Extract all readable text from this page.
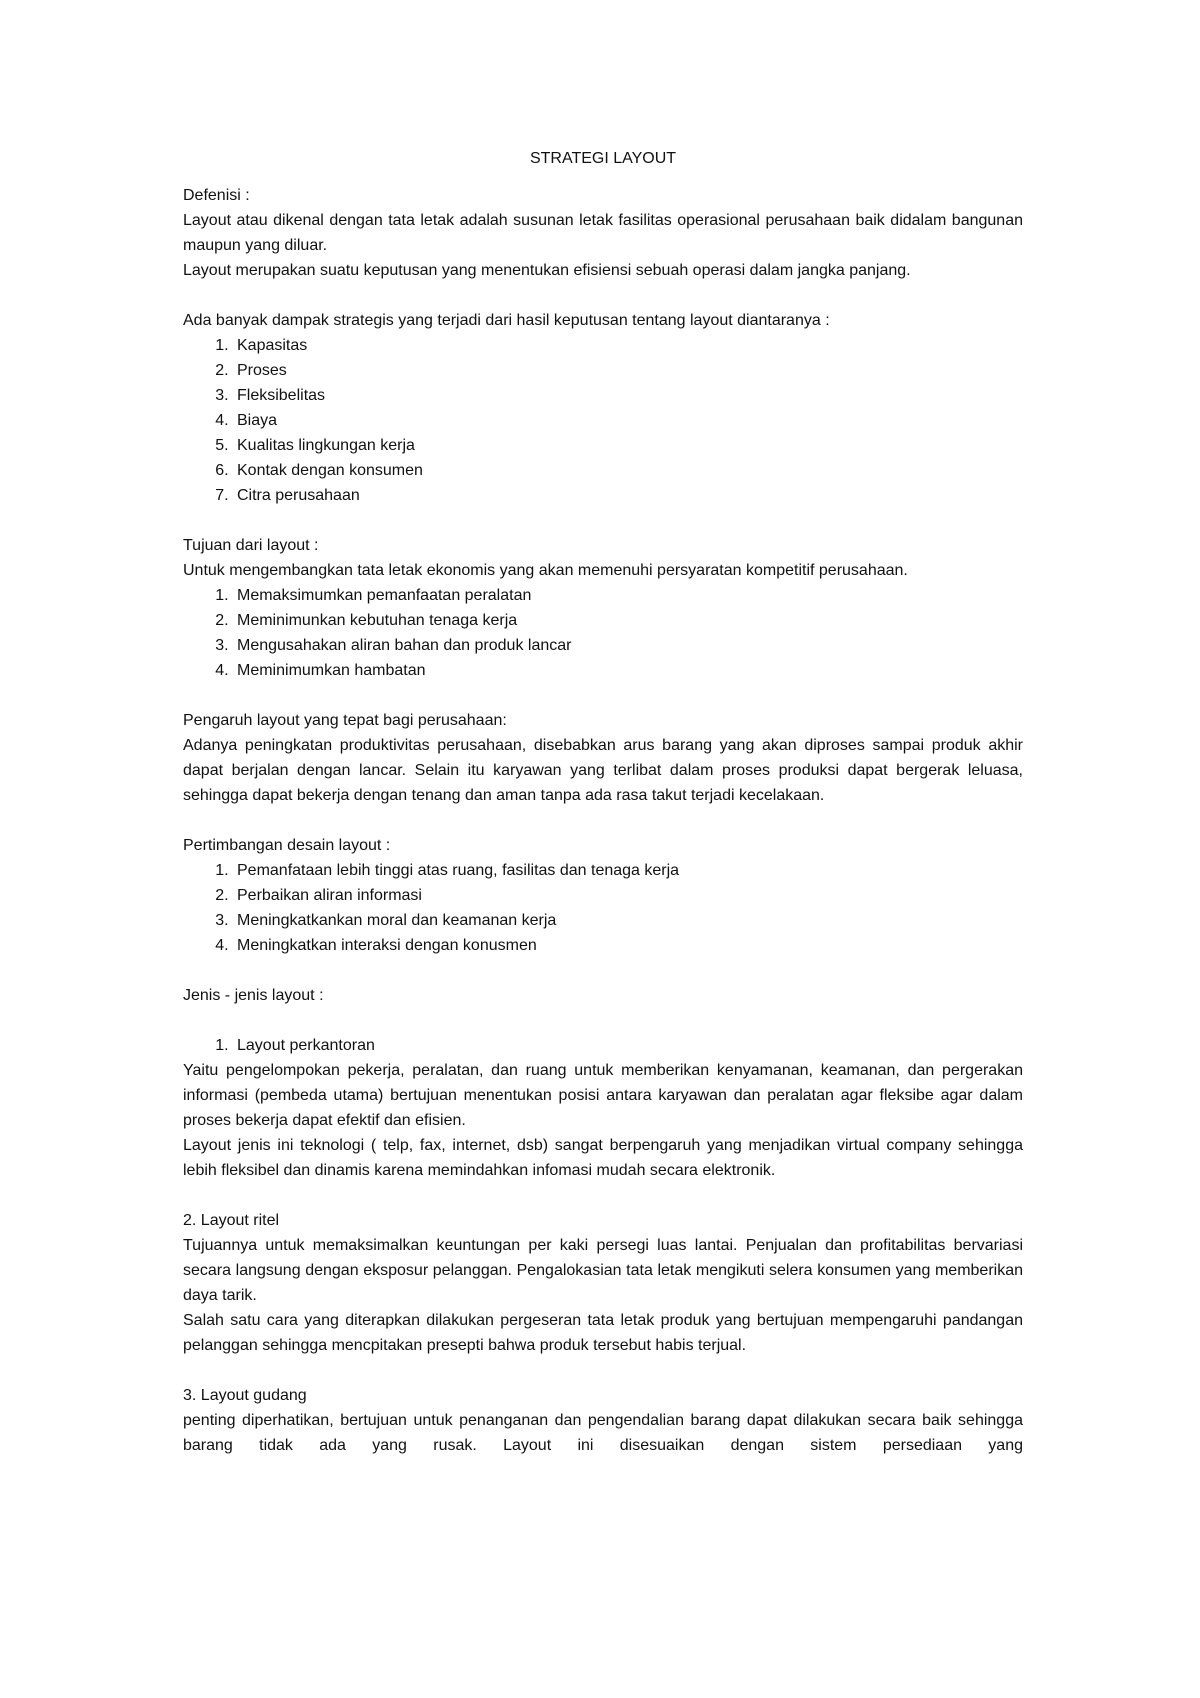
STRATEGI LAYOUT

Defenisi :

Layout atau dikenal dengan tata letak adalah susunan letak fasilitas operasional perusahaan baik didalam bangunan maupun yang diluar.

Layout merupakan suatu keputusan yang menentukan efisiensi sebuah operasi dalam jangka panjang.

Ada banyak dampak strategis yang terjadi dari hasil keputusan tentang layout diantaranya :

1. Kapasitas
2. Proses
3. Fleksibelitas
4. Biaya
5. Kualitas lingkungan kerja
6. Kontak dengan konsumen
7. Citra perusahaan

Tujuan dari layout :

Untuk mengembangkan tata letak ekonomis yang akan memenuhi persyaratan kompetitif perusahaan.

1. Memaksimumkan pemanfaatan peralatan
2. Meminimunkan kebutuhan tenaga kerja
3. Mengusahakan aliran bahan dan produk lancar
4. Meminimumkan hambatan

Pengaruh layout yang tepat bagi perusahaan:

Adanya peningkatan produktivitas perusahaan, disebabkan arus barang yang akan diproses sampai produk akhir dapat berjalan dengan lancar. Selain itu karyawan yang terlibat dalam proses produksi dapat bergerak leluasa, sehingga dapat bekerja dengan tenang dan aman tanpa ada rasa takut terjadi kecelakaan.

Pertimbangan desain layout :

1. Pemanfataan lebih tinggi atas ruang, fasilitas dan tenaga kerja
2. Perbaikan aliran informasi
3. Meningkatkankan moral dan keamanan kerja
4. Meningkatkan interaksi dengan konusmen

Jenis - jenis layout :

1. Layout perkantoran

Yaitu pengelompokan pekerja, peralatan, dan ruang untuk memberikan kenyamanan, keamanan, dan pergerakan informasi (pembeda utama) bertujuan menentukan posisi antara karyawan dan peralatan agar fleksibe agar dalam proses bekerja dapat efektif dan efisien.

Layout jenis ini teknologi ( telp, fax, internet, dsb) sangat berpengaruh yang menjadikan virtual company sehingga lebih fleksibel dan dinamis karena memindahkan infomasi mudah secara elektronik.

2. Layout ritel

Tujuannya untuk memaksimalkan keuntungan per kaki persegi luas lantai. Penjualan dan profitabilitas bervariasi secara langsung dengan eksposur pelanggan. Pengalokasian tata letak mengikuti selera konsumen yang memberikan daya tarik.

Salah satu cara yang diterapkan dilakukan pergeseran tata letak produk yang bertujuan mempengaruhi pandangan pelanggan sehingga mencpitakan presepti bahwa produk tersebut habis terjual.

3. Layout gudang

penting diperhatikan, bertujuan untuk penanganan dan pengendalian barang dapat dilakukan secara baik sehingga barang tidak ada yang rusak. Layout ini disesuaikan dengan sistem persediaan yang
